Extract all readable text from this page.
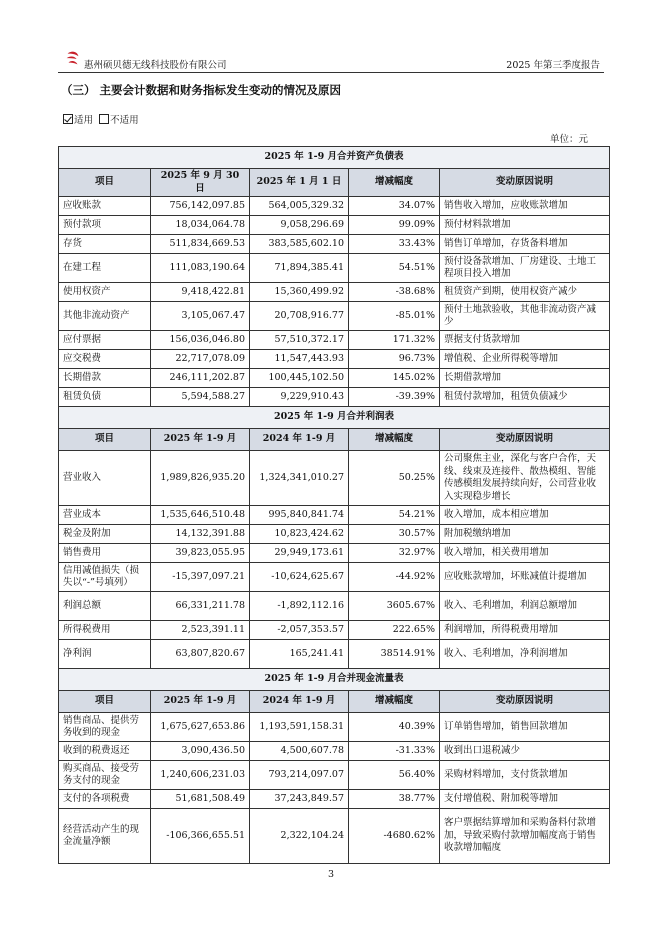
惠州硕贝德无线科技股份有限公司	2025 年第三季度报告
（三） 主要会计数据和财务指标发生变动的情况及原因
适用 不适用
单位：元
2025 年 1-9 月合并资产负债表				
项目	2025 年 9 月 30 日	2025 年 1 月 1 日	增减幅度	变动原因说明
应收账款	756,142,097.85	564,005,329.32	34.07%	销售收入增加，应收账款增加
预付款项	18,034,064.78	9,058,296.69	99.09%	预付材料款增加
存货	511,834,669.53	383,585,602.10	33.43%	销售订单增加，存货备料增加
在建工程	111,083,190.64	71,894,385.41	54.51%	预付设备款增加、厂房建设、土地工程项目投入增加
使用权资产	9,418,422.81	15,360,499.92	-38.68%	租赁资产到期，使用权资产减少
其他非流动资产	3,105,067.47	20,708,916.77	-85.01%	预付土地款验收，其他非流动资产减少
应付票据	156,036,046.80	57,510,372.17	171.32%	票据支付货款增加
应交税费	22,717,078.09	11,547,443.93	96.73%	增值税、企业所得税等增加
长期借款	246,111,202.87	100,445,102.50	145.02%	长期借款增加
租赁负债	5,594,588.27	9,229,910.43	-39.39%	租赁付款增加，租赁负债减少
2025 年 1-9 月合并利润表				
项目	2025 年 1-9 月	2024 年 1-9 月	增减幅度	变动原因说明
营业收入	1,989,826,935.20	1,324,341,010.27	50.25%	公司聚焦主业，深化与客户合作，天线、线束及连接件、散热模组、智能传感模组发展持续向好，公司营业收入实现稳步增长
营业成本	1,535,646,510.48	995,840,841.74	54.21%	收入增加，成本相应增加
税金及附加	14,132,391.88	10,823,424.62	30.57%	附加税缴纳增加
销售费用	39,823,055.95	29,949,173.61	32.97%	收入增加，相关费用增加
信用减值损失（损失以“-”号填列）	-15,397,097.21	-10,624,625.67	-44.92%	应收账款增加，坏账减值计提增加
利润总额	66,331,211.78	-1,892,112.16	3605.67%	收入、毛利增加，利润总额增加
所得税费用	2,523,391.11	-2,057,353.57	222.65%	利润增加，所得税费用增加
净利润	63,807,820.67	165,241.41	38514.91%	收入、毛利增加，净利润增加
2025 年 1-9 月合并现金流量表				
项目	2025 年 1-9 月	2024 年 1-9 月	增减幅度	变动原因说明
销售商品、提供劳务收到的现金	1,675,627,653.86	1,193,591,158.31	40.39%	订单销售增加，销售回款增加
收到的税费返还	3,090,436.50	4,500,607.78	-31.33%	收到出口退税减少
购买商品、接受劳务支付的现金	1,240,606,231.03	793,214,097.07	56.40%	采购材料增加，支付货款增加
支付的各项税费	51,681,508.49	37,243,849.57	38.77%	支付增值税、附加税等增加
经营活动产生的现金流量净额	-106,366,655.51	2,322,104.24	-4680.62%	客户票据结算增加和采购备料付款增加，导致采购付款增加幅度高于销售收款增加幅度
3
